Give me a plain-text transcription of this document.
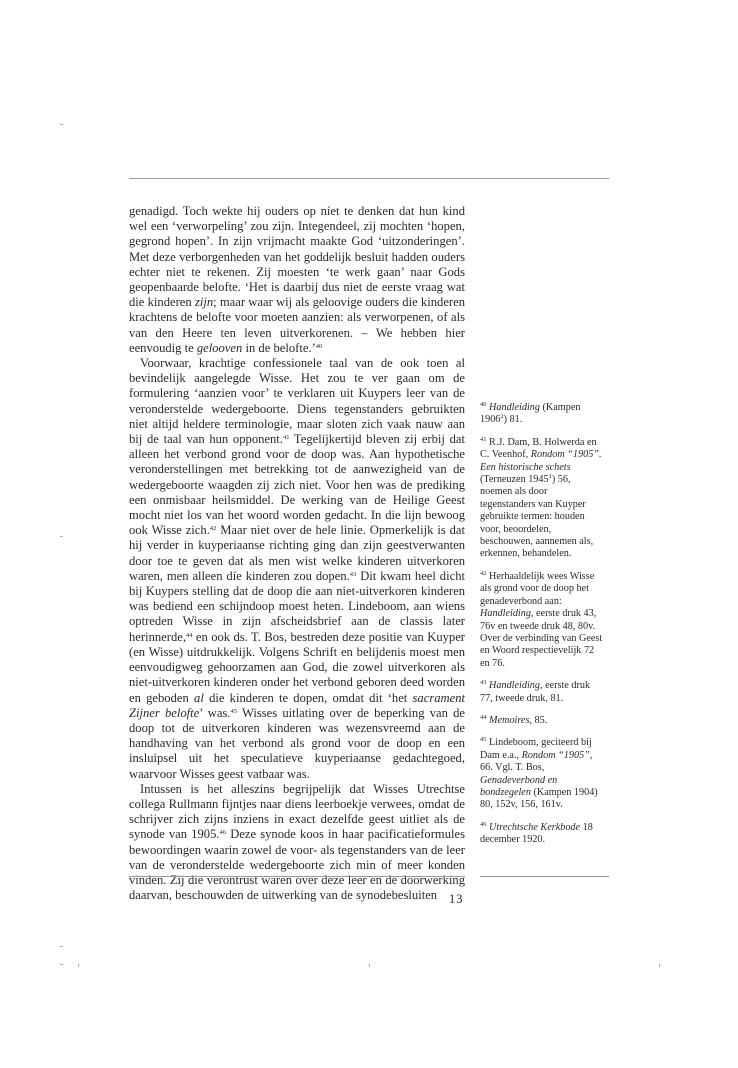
genadigd. Toch wekte hij ouders op níet te denken dat hun kind wel een ‘verworpeling’ zou zijn. Integendeel, zij mochten ‘hopen, gegrond hopen’. In zijn vrijmacht maakte God ‘uitzonderingen’. Met deze verborgenheden van het goddelijk besluit hadden ouders echter niet te rekenen. Zij moesten ‘te werk gaan’ naar Gods geopenbaarde belofte. ‘Het is daarbij dus niet de eerste vraag wat die kinderen zijn; maar waar wij als geloovige ouders die kinderen krachtens de belofte voor moeten aanzien: als verworpenen, of als van den Heere ten leven uitverkorenen. – We hebben hier eenvoudig te gelooven in de belofte.’$^{40}$

Voorwaar, krachtige confessionele taal van de ook toen al bevindelijk aangelegde Wisse. Het zou te ver gaan om de formulering ‘aanzien voor’ te verklaren uit Kuypers leer van de veronderstelde wedergeboorte. Diens tegenstanders gebruikten niet altijd heldere terminologie, maar sloten zich vaak nauw aan bij de taal van hun opponent.$^{41}$ Tegelijkertijd bleven zij erbij dat alleen het verbond grond voor de doop was. Aan hypothetische veronderstellingen met betrekking tot de aanwezigheid van de wedergeboorte waagden zij zich niet. Voor hen was de prediking een onmisbaar heilsmiddel. De werking van de Heilige Geest mocht niet los van het woord worden gedacht. In die lijn bewoog ook Wisse zich.$^{42}$ Maar niet over de hele linie. Opmerkelijk is dat hij verder in kuyperiaanse richting ging dan zijn geestverwanten door toe te geven dat als men wist welke kinderen uitverkoren waren, men alleen díe kinderen zou dopen.$^{43}$ Dit kwam heel dicht bij Kuypers stelling dat de doop die aan niet-uitverkoren kinderen was bediend een schijndoop moest heten. Lindeboom, aan wiens optreden Wisse in zijn afscheidsbrief aan de classis later herinnerde,$^{44}$ en ook ds. T. Bos, bestreden deze positie van Kuyper (en Wisse) uitdrukkelijk. Volgens Schrift en belijdenis moest men eenvoudigweg gehoorzamen aan God, die zowel uitverkoren als niet-uitverkoren kinderen onder het verbond geboren deed worden en geboden al die kinderen te dopen, omdat dit ‘het sacrament Zijner belofte’ was.$^{45}$ Wisses uitlating over de beperking van de doop tot de uitverkoren kinderen was wezensvreemd aan de handhaving van het verbond als grond voor de doop en een insluipsel uit het speculatieve kuyperiaanse gedachtegoed, waarvoor Wisses geest vatbaar was.

Intussen is het alleszins begrijpelijk dat Wisses Utrechtse collega Rullmann fijntjes naar diens leerboekje verwees, omdat de schrijver zich zijns inziens in exact dezelfde geest uitliet als de synode van 1905.46 Deze synode koos in haar pacificatieformules bewoordingen waarin zowel de voor- als tegenstanders van de leer van de veronderstelde wedergeboorte zich min of meer konden vinden. Zij die verontrust waren over deze leer en de doorwerking daarvan, beschouwden de uitwerking van de synodebesluiten

$^{40}$ Handleiding (Kampen 1906$^2$) 81.
$^{41}$ R.J. Dam, B. Holwerda en C. Veenhof, Rondom “1905”. Een historische schets (Terneuzen 1945$^1$) 56, noemen als door tegenstanders van Kuyper gebruikte termen: houden voor, beoordelen, beschouwen, aannemen als, erkennen, behandelen.
$^{42}$ Herhaaldelijk wees Wisse als grond voor de doop het genadeverbond aan: Handleiding, eerste druk 43, 76v en tweede druk 48, 80v. Over de verbinding van Geest en Woord respectievelijk 72 en 76.
$^{43}$ Handleiding, eerste druk 77, tweede druk, 81.
$^{44}$ Memoires, 85.
$^{45}$ Lindeboom, geciteerd bij Dam e.a., Rondom “1905”, 66. Vgl. T. Bos, Genadeverbond en bondzegelen (Kampen 1904) 80, 152v, 156, 161v.
$^{46}$ Utrechtsche Kerkbode 18 december 1920.
13
